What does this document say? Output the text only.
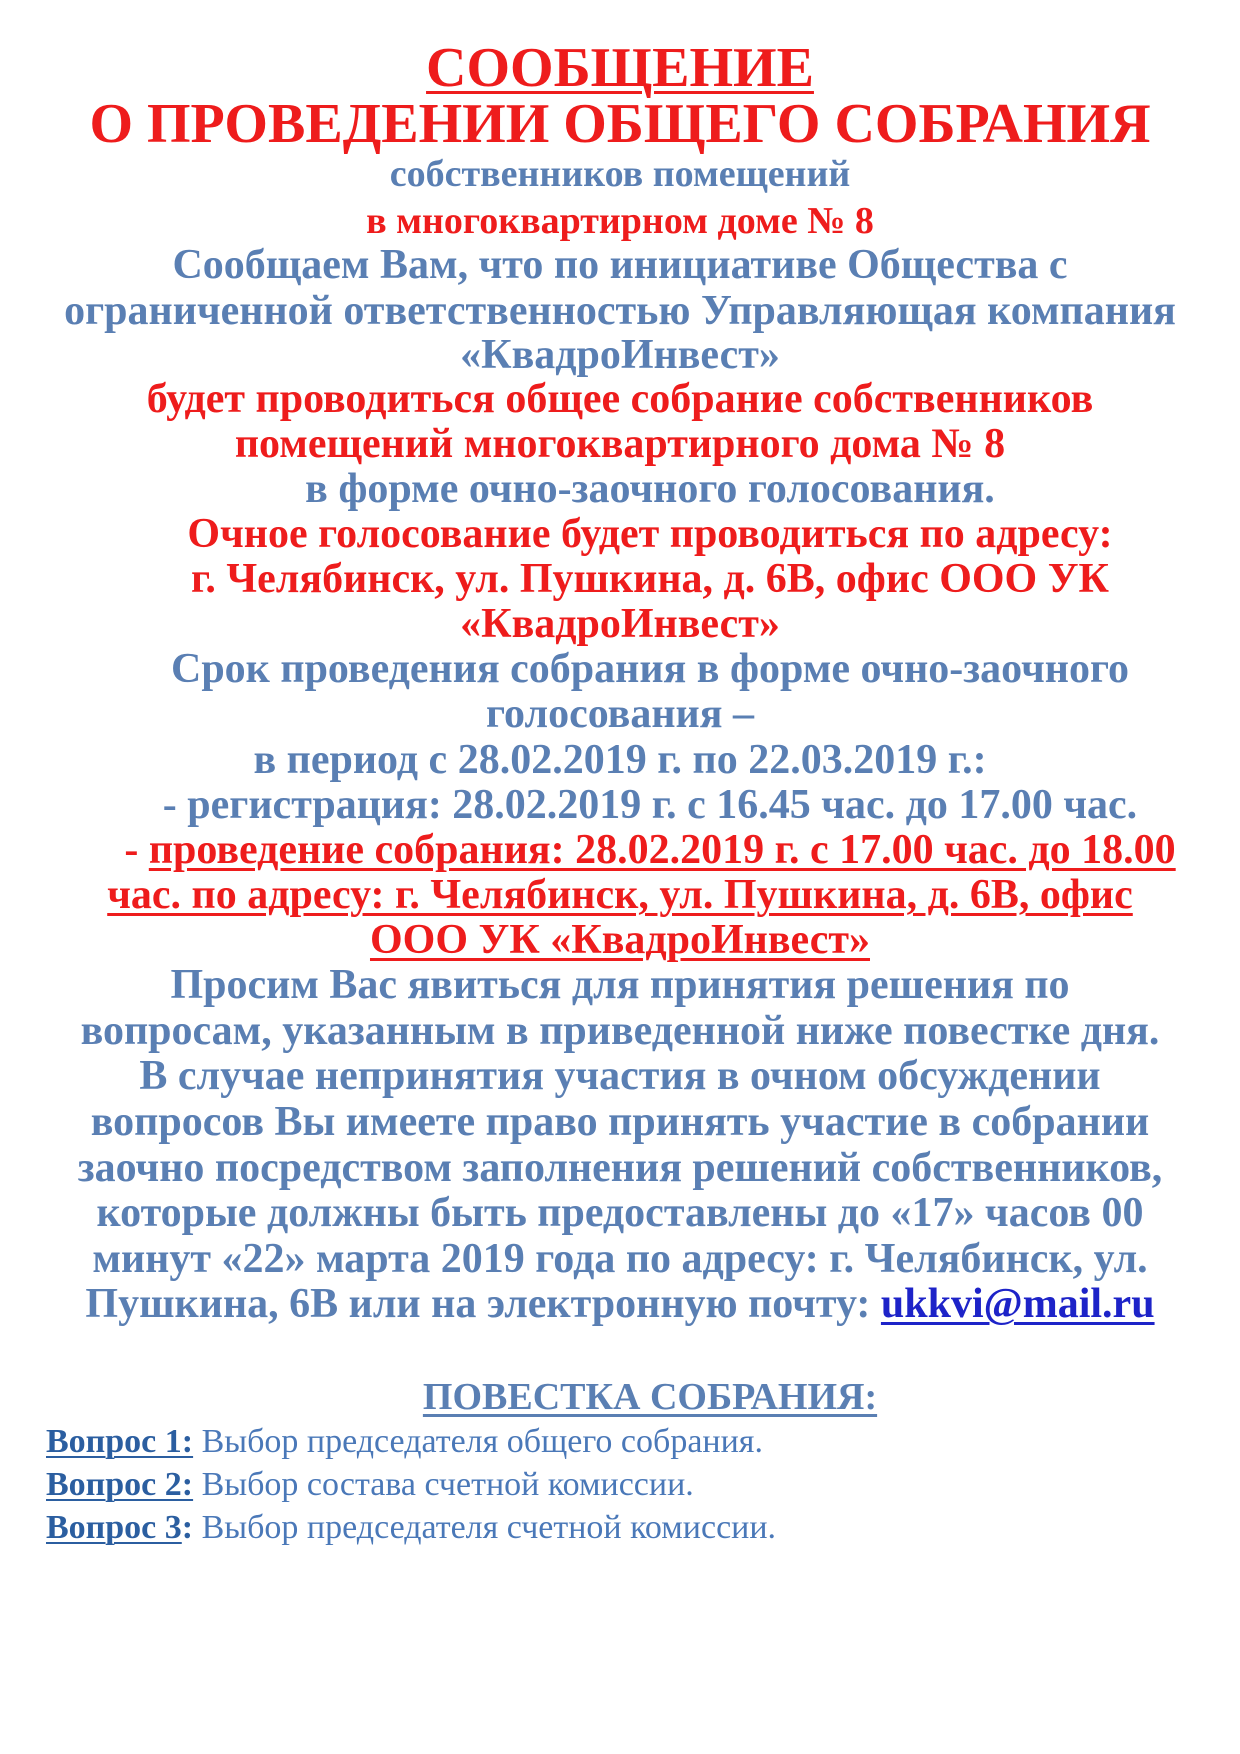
СООБЩЕНИЕ
О ПРОВЕДЕНИИ ОБЩЕГО СОБРАНИЯ
собственников помещений
в многоквартирном доме № 8
Сообщаем Вам, что по инициативе Общества с
ограниченной ответственностью Управляющая компания
«КвадроИнвест»
будет проводиться общее собрание собственников
помещений многоквартирного дома № 8
в форме очно-заочного голосования.
Очное голосование будет проводиться по адресу:
г. Челябинск, ул. Пушкина, д. 6В, офис ООО УК
«КвадроИнвест»
Срок проведения собрания в форме очно-заочного
голосования –
в период с 28.02.2019 г. по 22.03.2019 г.:
- регистрация: 28.02.2019 г. с 16.45 час. до 17.00 час.
- проведение собрания: 28.02.2019 г. с 17.00 час. до 18.00
час. по адресу: г. Челябинск, ул. Пушкина, д. 6В, офис
ООО УК «КвадроИнвест»
Просим Вас явиться для принятия решения по
вопросам, указанным в приведенной ниже повестке дня.
В случае непринятия участия в очном обсуждении
вопросов Вы имеете право принять участие в собрании
заочно посредством заполнения решений собственников,
которые должны быть предоставлены до «17» часов 00
минут «22» марта 2019 года по адресу: г. Челябинск, ул.
Пушкина, 6В или на электронную почту: ukkvi@mail.ru
ПОВЕСТКА СОБРАНИЯ:
Вопрос 1: Выбор председателя общего собрания.
Вопрос 2: Выбор состава счетной комиссии.
Вопрос 3: Выбор председателя счетной комиссии.
